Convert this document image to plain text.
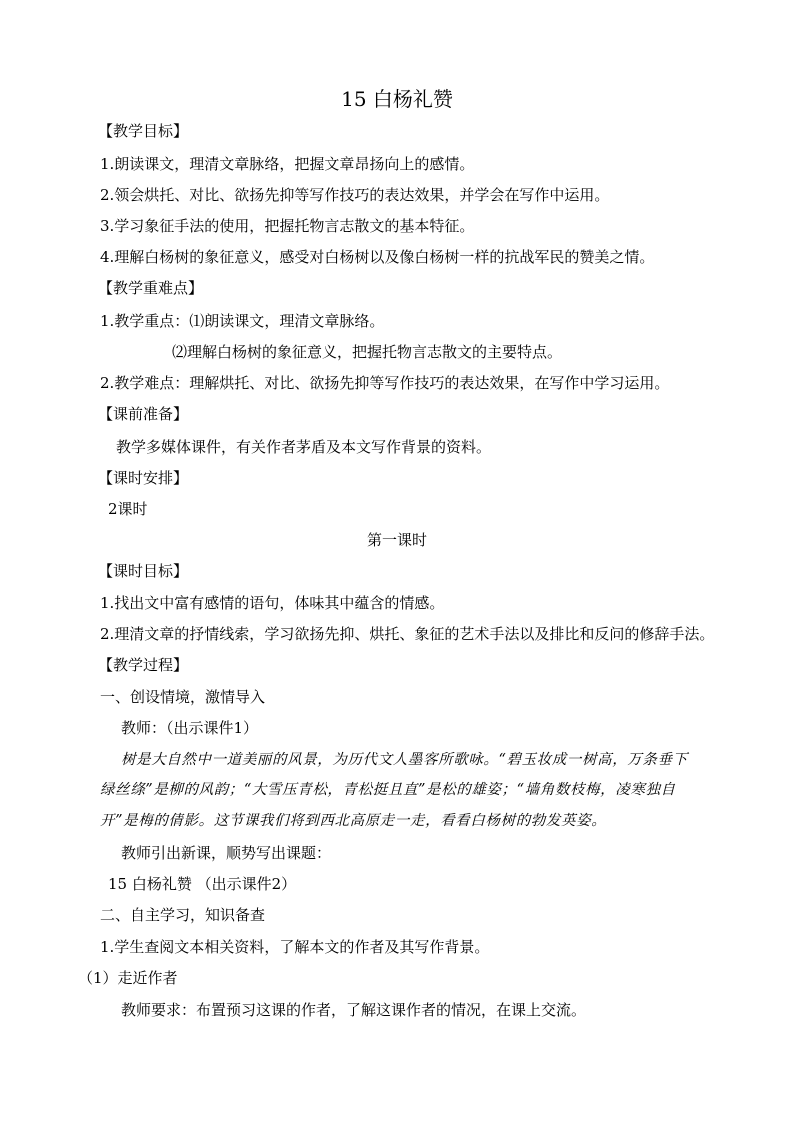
15 白杨礼赞
【教学目标】
1.朗读课文，理清文章脉络，把握文章昂扬向上的感情。
2.领会烘托、对比、欲扬先抑等写作技巧的表达效果，并学会在写作中运用。
3.学习象征手法的使用，把握托物言志散文的基本特征。
4.理解白杨树的象征意义，感受对白杨树以及像白杨树一样的抗战军民的赞美之情。
【教学重难点】
1.教学重点：⑴朗读课文，理清文章脉络。
⑵理解白杨树的象征意义，把握托物言志散文的主要特点。
2.教学难点：理解烘托、对比、欲扬先抑等写作技巧的表达效果，在写作中学习运用。
【课前准备】
教学多媒体课件，有关作者茅盾及本文写作背景的资料。
【课时安排】
2课时
第一课时
【课时目标】
1.找出文中富有感情的语句，体味其中蕴含的情感。
2.理清文章的抒情线索，学习欲扬先抑、烘托、象征的艺术手法以及排比和反问的修辞手法。
【教学过程】
一、创设情境，激情导入
教师：（出示课件1）
树是大自然中一道美丽的风景，为历代文人墨客所歌咏。“碧玉妆成一树高，万条垂下
绿丝绦”是柳的风韵；“大雪压青松，青松挺且直”是松的雄姿；“墙角数枝梅，凌寒独自
开”是梅的倩影。这节课我们将到西北高原走一走，看看白杨树的勃发英姿。
教师引出新课，顺势写出课题：
15 白杨礼赞 （出示课件2）
二、自主学习，知识备查
1.学生查阅文本相关资料，了解本文的作者及其写作背景。
（1）走近作者
教师要求：布置预习这课的作者，了解这课作者的情况，在课上交流。
